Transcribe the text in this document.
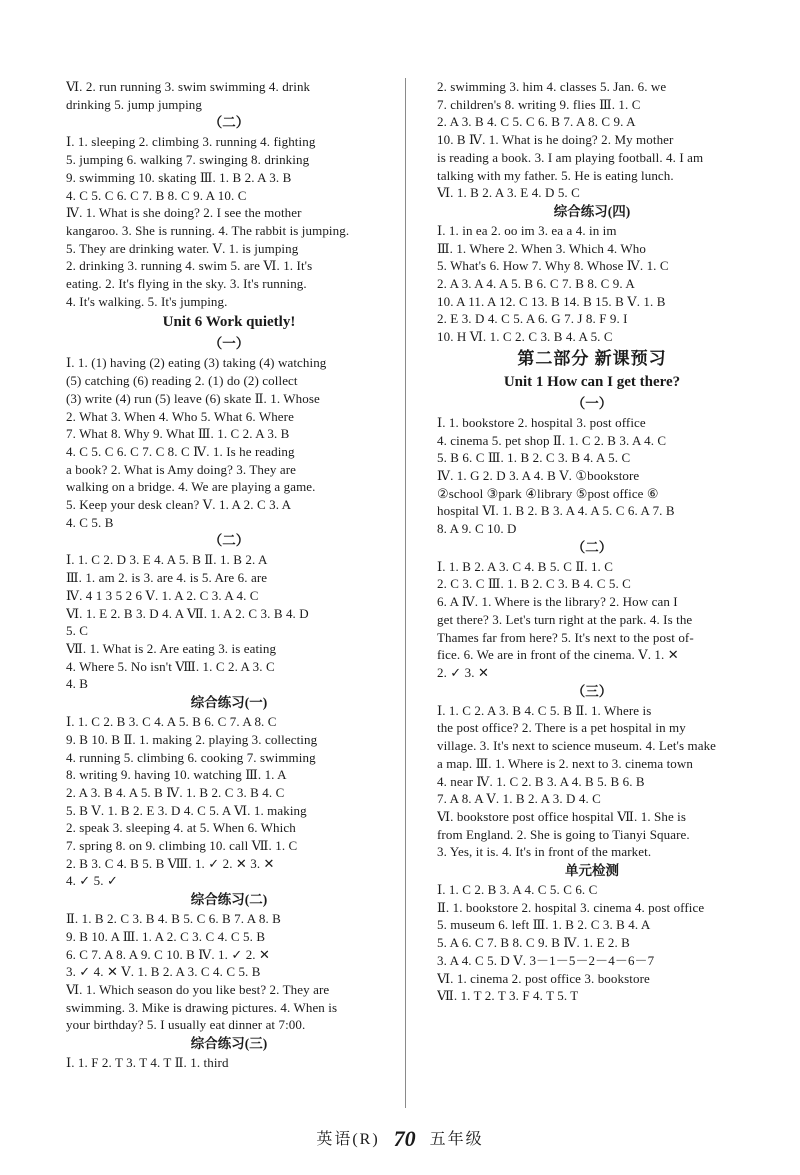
Ⅵ. 2. run running 3. swim swimming 4. drink
drinking 5. jump jumping
（二）
Ⅰ. 1. sleeping 2. climbing 3. running 4. fighting
5. jumping 6. walking 7. swinging 8. drinking
9. swimming 10. skating Ⅲ. 1. B 2. A 3. B
4. C 5. C 6. C 7. B 8. C 9. A 10. C
Ⅳ. 1. What is she doing? 2. I see the mother
kangaroo. 3. She is running. 4. The rabbit is jumping.
5. They are drinking water. Ⅴ. 1. is jumping
2. drinking 3. running 4. swim 5. are Ⅵ. 1. It's
eating. 2. It's flying in the sky. 3. It's running.
4. It's walking. 5. It's jumping.
Unit 6 Work quietly!
（一）
Ⅰ. 1. (1) having (2) eating (3) taking (4) watching
(5) catching (6) reading 2. (1) do (2) collect
(3) write (4) run (5) leave (6) skate Ⅱ. 1. Whose
2. What 3. When 4. Who 5. What 6. Where
7. What 8. Why 9. What Ⅲ. 1. C 2. A 3. B
4. C 5. C 6. C 7. C 8. C Ⅳ. 1. Is he reading
a book? 2. What is Amy doing? 3. They are
walking on a bridge. 4. We are playing a game.
5. Keep your desk clean? Ⅴ. 1. A 2. C 3. A
4. C 5. B
（二）
Ⅰ. 1. C 2. D 3. E 4. A 5. B Ⅱ. 1. B 2. A
Ⅲ. 1. am 2. is 3. are 4. is 5. Are 6. are
Ⅳ. 4 1 3 5 2 6 Ⅴ. 1. A 2. C 3. A 4. C
Ⅵ. 1. E 2. B 3. D 4. A Ⅶ. 1. A 2. C 3. B 4. D
5. C
Ⅶ. 1. What is 2. Are eating 3. is eating
4. Where 5. No isn't Ⅷ. 1. C 2. A 3. C
4. B
综合练习(一)
Ⅰ. 1. C 2. B 3. C 4. A 5. B 6. C 7. A 8. C
9. B 10. B Ⅱ. 1. making 2. playing 3. collecting
4. running 5. climbing 6. cooking 7. swimming
8. writing 9. having 10. watching Ⅲ. 1. A
2. A 3. B 4. A 5. B Ⅳ. 1. B 2. C 3. B 4. C
5. B Ⅴ. 1. B 2. E 3. D 4. C 5. A Ⅵ. 1. making
2. speak 3. sleeping 4. at 5. When 6. Which
7. spring 8. on 9. climbing 10. call Ⅶ. 1. C
2. B 3. C 4. B 5. B Ⅷ. 1. ✓ 2. ✕ 3. ✕
4. ✓ 5. ✓
综合练习(二)
Ⅱ. 1. B 2. C 3. B 4. B 5. C 6. B 7. A 8. B
9. B 10. A Ⅲ. 1. A 2. C 3. C 4. C 5. B
6. C 7. A 8. A 9. C 10. B Ⅳ. 1. ✓ 2. ✕
3. ✓ 4. ✕ Ⅴ. 1. B 2. A 3. C 4. C 5. B
Ⅵ. 1. Which season do you like best? 2. They are
swimming. 3. Mike is drawing pictures. 4. When is
your birthday? 5. I usually eat dinner at 7:00.
综合练习(三)
Ⅰ. 1. F 2. T 3. T 4. T Ⅱ. 1. third
2. swimming 3. him 4. classes 5. Jan. 6. we
7. children's 8. writing 9. flies Ⅲ. 1. C
2. A 3. B 4. C 5. C 6. B 7. A 8. C 9. A
10. B Ⅳ. 1. What is he doing? 2. My mother
is reading a book. 3. I am playing football. 4. I am
talking with my father. 5. He is eating lunch.
Ⅵ. 1. B 2. A 3. E 4. D 5. C
综合练习(四)
Ⅰ. 1. in ea 2. oo im 3. ea a 4. in im
Ⅲ. 1. Where 2. When 3. Which 4. Who
5. What's 6. How 7. Why 8. Whose Ⅳ. 1. C
2. A 3. A 4. A 5. B 6. C 7. B 8. C 9. A
10. A 11. A 12. C 13. B 14. B 15. B Ⅴ. 1. B
2. E 3. D 4. C 5. A 6. G 7. J 8. F 9. I
10. H Ⅵ. 1. C 2. C 3. B 4. A 5. C
第二部分 新课预习
Unit 1 How can I get there?
（一）
Ⅰ. 1. bookstore 2. hospital 3. post office
4. cinema 5. pet shop Ⅱ. 1. C 2. B 3. A 4. C
5. B 6. C Ⅲ. 1. B 2. C 3. B 4. A 5. C
Ⅳ. 1. G 2. D 3. A 4. B Ⅴ. ①bookstore
②school ③park ④library ⑤post office ⑥
hospital Ⅵ. 1. B 2. B 3. A 4. A 5. C 6. A 7. B
8. A 9. C 10. D
（二）
Ⅰ. 1. B 2. A 3. C 4. B 5. C Ⅱ. 1. C
2. C 3. C Ⅲ. 1. B 2. C 3. B 4. C 5. C
6. A Ⅳ. 1. Where is the library? 2. How can I
get there? 3. Let's turn right at the park. 4. Is the
Thames far from here? 5. It's next to the post of-
fice. 6. We are in front of the cinema. Ⅴ. 1. ✕
2. ✓ 3. ✕
（三）
Ⅰ. 1. C 2. A 3. B 4. C 5. B Ⅱ. 1. Where is
the post office? 2. There is a pet hospital in my
village. 3. It's next to science museum. 4. Let's make
a map. Ⅲ. 1. Where is 2. next to 3. cinema town
4. near Ⅳ. 1. C 2. B 3. A 4. B 5. B 6. B
7. A 8. A Ⅴ. 1. B 2. A 3. D 4. C
Ⅵ. bookstore post office hospital Ⅶ. 1. She is
from England. 2. She is going to Tianyi Square.
3. Yes, it is. 4. It's in front of the market.
单元检测
Ⅰ. 1. C 2. B 3. A 4. C 5. C 6. C
Ⅱ. 1. bookstore 2. hospital 3. cinema 4. post office
5. museum 6. left Ⅲ. 1. B 2. C 3. B 4. A
5. A 6. C 7. B 8. C 9. B Ⅳ. 1. E 2. B
3. A 4. C 5. D Ⅴ. 3－1－5－2－4－6－7
Ⅵ. 1. cinema 2. post office 3. bookstore
Ⅶ. 1. T 2. T 3. F 4. T 5. T
英语(R) 70 五年级
